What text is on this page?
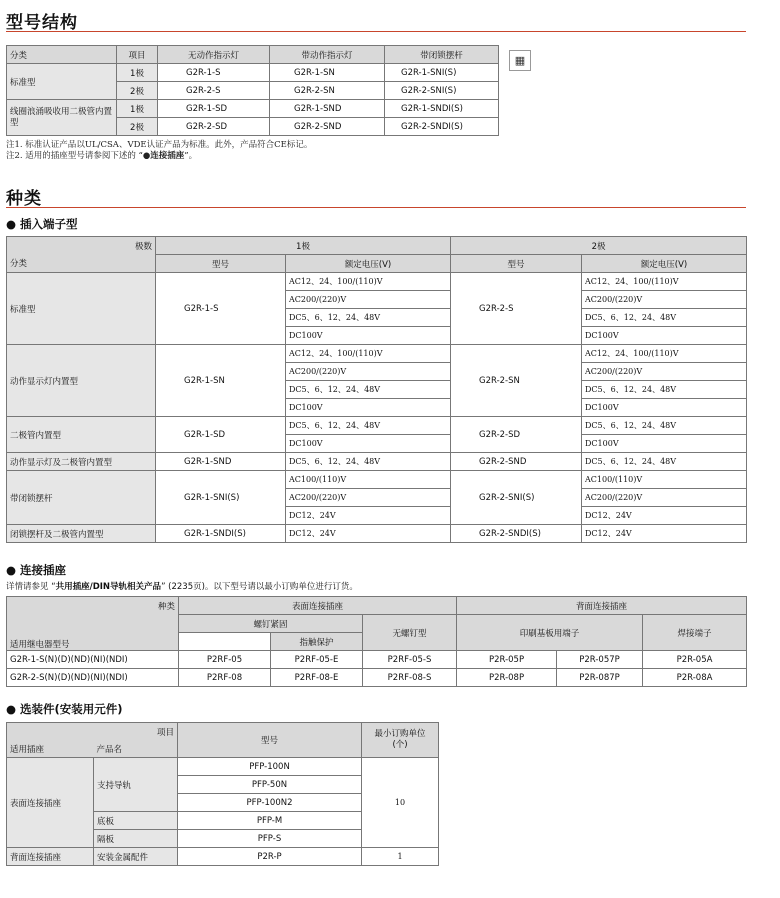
型号结构
分类	项目	无动作指示灯	带动作指示灯	带闭锁摆杆
标准型	1极	G2R-1-S	G2R-1-SN	G2R-1-SNI(S)
	2极	G2R-2-S	G2R-2-SN	G2R-2-SNI(S)
线圈浪涌吸收用二极管内置型	1极	G2R-1-SD	G2R-1-SND	G2R-1-SNDI(S)
	2极	G2R-2-SD	G2R-2-SND	G2R-2-SNDI(S)
▦
注1. 标准认证产品以UL/CSA、VDE认证产品为标准。此外，产品符合CE标记。
注2. 适用的插座型号请参阅下述的 “●连接插座”。
种类
● 插入端子型
极数	1极		2极	
分类	型号	额定电压(V)	型号	额定电压(V)
标准型	G2R-1-S	AC12、24、100/(110)V	G2R-2-S	AC12、24、100/(110)V
		AC200/(220)V		AC200/(220)V
		DC5、6、12、24、48V		DC5、6、12、24、48V
		DC100V		DC100V
动作显示灯内置型	G2R-1-SN	AC12、24、100/(110)V	G2R-2-SN	AC12、24、100/(110)V
		AC200/(220)V		AC200/(220)V
		DC5、6、12、24、48V		DC5、6、12、24、48V
		DC100V		DC100V
二极管内置型	G2R-1-SD	DC5、6、12、24、48V	G2R-2-SD	DC5、6、12、24、48V
		DC100V		DC100V
动作显示灯及二极管内置型	G2R-1-SND	DC5、6、12、24、48V	G2R-2-SND	DC5、6、12、24、48V
带闭锁摆杆	G2R-1-SNI(S)	AC100/(110)V	G2R-2-SNI(S)	AC100/(110)V
		AC200/(220)V		AC200/(220)V
		DC12、24V		DC12、24V
闭锁摆杆及二极管内置型	G2R-1-SNDI(S)	DC12、24V	G2R-2-SNDI(S)	DC12、24V
● 连接插座
详情请参见 “共用插座/DIN导轨相关产品” (2235页)。以下型号请以最小订购单位进行订货。
种类	表面连接插座			背面连接插座		
适用继电器型号	螺钉紧固		无螺钉型	印刷基板用端子		焊接端子
		指触保护				
G2R-1-S(N)(D)(ND)(NI)(NDI)	P2RF-05	P2RF-05-E	P2RF-05-S	P2R-05P	P2R-057P	P2R-05A
G2R-2-S(N)(D)(ND)(NI)(NDI)	P2RF-08	P2RF-08-E	P2RF-08-S	P2R-08P	P2R-087P	P2R-08A
● 选装件(安装用元件)
项目		型号	最小订购单位
(个)
适用插座	产品名		
表面连接插座	支持导轨	PFP-100N	10
		PFP-50N	
		PFP-100N2	
	底板	PFP-M	
	隔板	PFP-S	
背面连接插座	安装金属配件	P2R-P	1
